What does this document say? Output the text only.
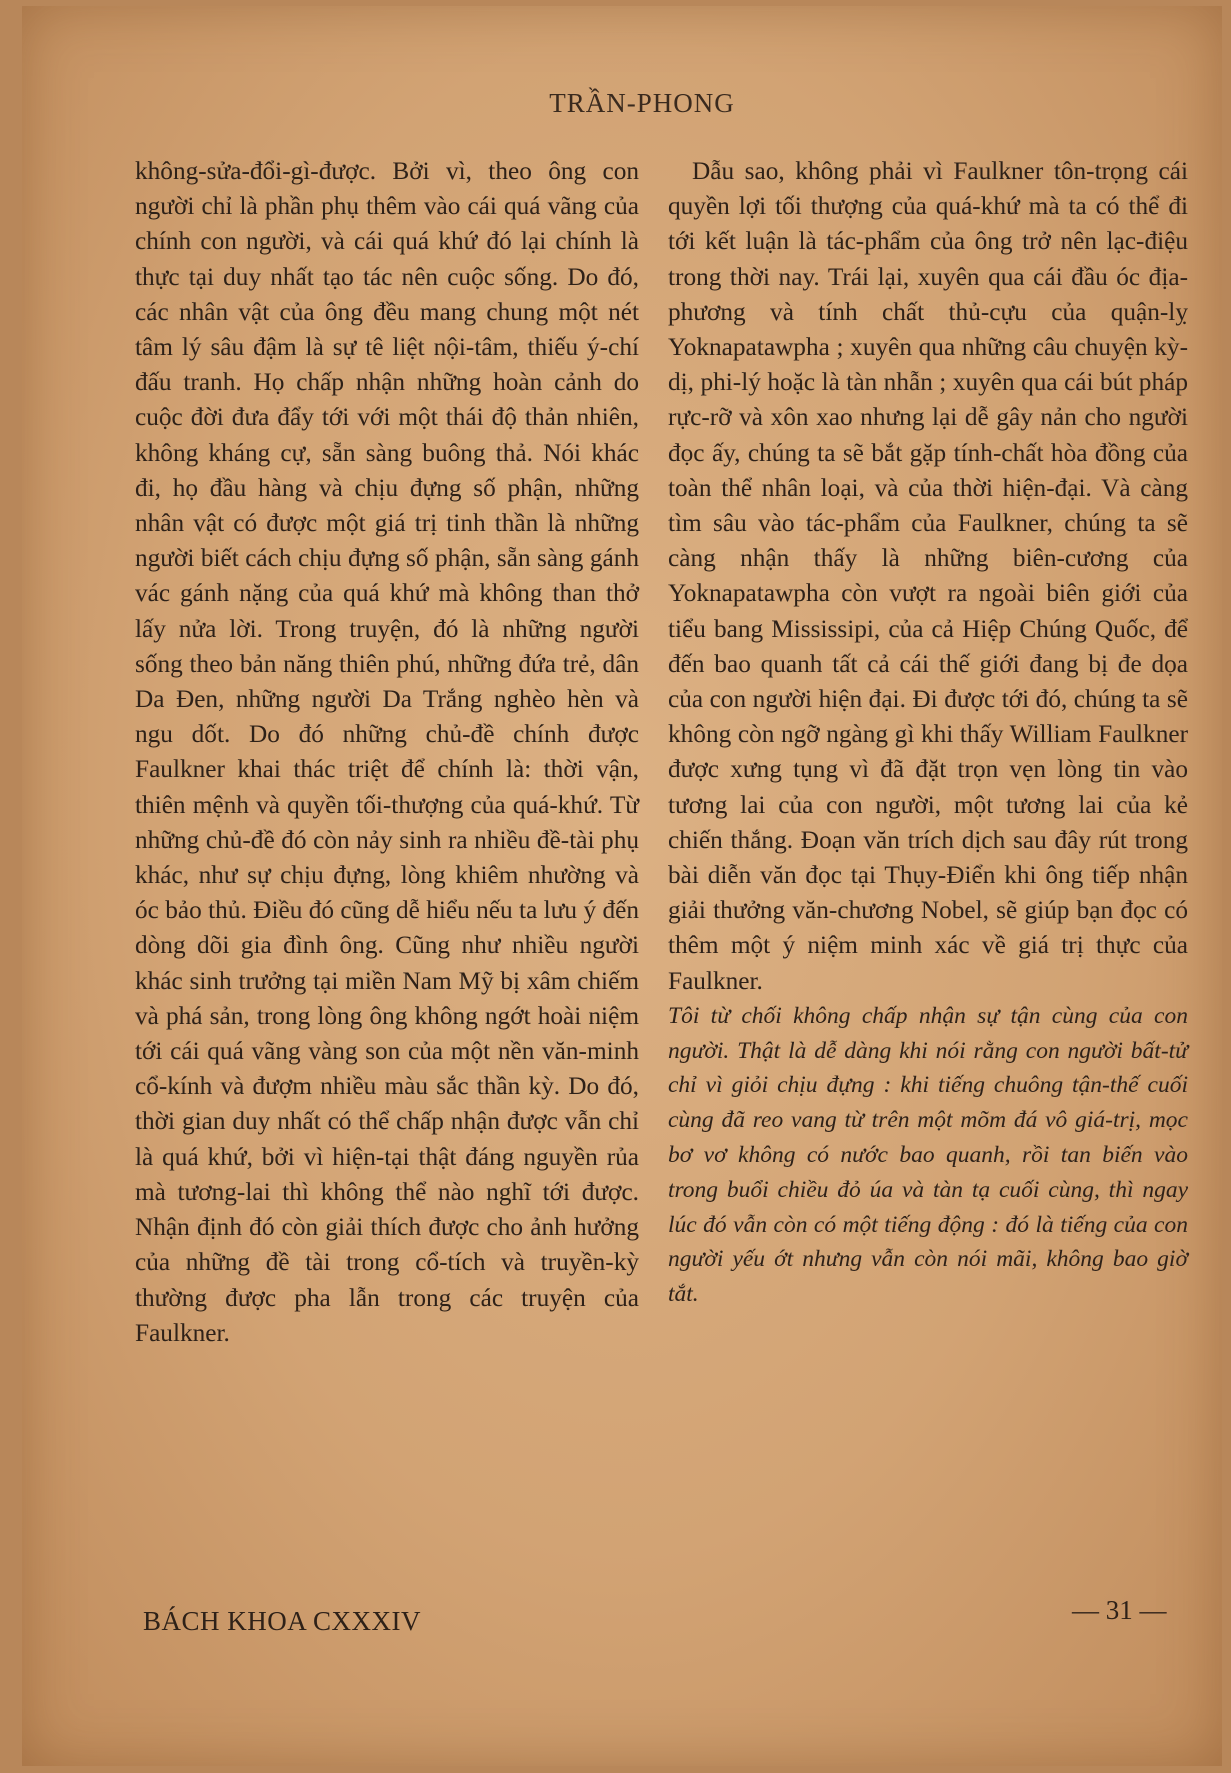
TRẦN-PHONG

không-sửa-đổi-gì-được. Bởi vì, theo ông con người chỉ là phần phụ thêm vào cái quá vãng của chính con người, và cái quá khứ đó lại chính là thực tại duy nhất tạo tác nên cuộc sống. Do đó, các nhân vật của ông đều mang chung một nét tâm lý sâu đậm là sự tê liệt nội-tâm, thiếu ý-chí đấu tranh. Họ chấp nhận những hoàn cảnh do cuộc đời đưa đẩy tới với một thái độ thản nhiên, không kháng cự, sẵn sàng buông thả. Nói khác đi, họ đầu hàng và chịu đựng số phận, những nhân vật có được một giá trị tinh thần là những người biết cách chịu đựng số phận, sẵn sàng gánh vác gánh nặng của quá khứ mà không than thở lấy nửa lời. Trong truyện, đó là những người sống theo bản năng thiên phú, những đứa trẻ, dân Da Đen, những người Da Trắng nghèo hèn và ngu dốt. Do đó những chủ-đề chính được Faulkner khai thác triệt để chính là: thời vận, thiên mệnh và quyền tối-thượng của quá-khứ. Từ những chủ-đề đó còn nảy sinh ra nhiều đề-tài phụ khác, như sự chịu đựng, lòng khiêm nhường và óc bảo thủ. Điều đó cũng dễ hiểu nếu ta lưu ý đến dòng dõi gia đình ông. Cũng như nhiều người khác sinh trưởng tại miền Nam Mỹ bị xâm chiếm và phá sản, trong lòng ông không ngớt hoài niệm tới cái quá vãng vàng son của một nền văn-minh cổ-kính và đượm nhiều màu sắc thần kỳ. Do đó, thời gian duy nhất có thể chấp nhận được vẫn chỉ là quá khứ, bởi vì hiện-tại thật đáng nguyền rủa mà tương-lai thì không thể nào nghĩ tới được. Nhận định đó còn giải thích được cho ảnh hưởng của những đề tài trong cổ-tích và truyền-kỳ thường được pha lẫn trong các truyện của Faulkner.

Dẫu sao, không phải vì Faulkner tôn-trọng cái quyền lợi tối thượng của quá-khứ mà ta có thể đi tới kết luận là tác-phẩm của ông trở nên lạc-điệu trong thời nay. Trái lại, xuyên qua cái đầu óc địa-phương và tính chất thủ-cựu của quận-lỵ Yoknapatawpha ; xuyên qua những câu chuyện kỳ-dị, phi-lý hoặc là tàn nhẫn ; xuyên qua cái bút pháp rực-rỡ và xôn xao nhưng lại dễ gây nản cho người đọc ấy, chúng ta sẽ bắt gặp tính-chất hòa đồng của toàn thể nhân loại, và của thời hiện-đại. Và càng tìm sâu vào tác-phẩm của Faulkner, chúng ta sẽ càng nhận thấy là những biên-cương của Yoknapatawpha còn vượt ra ngoài biên giới của tiểu bang Mississipi, của cả Hiệp Chúng Quốc, để đến bao quanh tất cả cái thế giới đang bị đe dọa của con người hiện đại. Đi được tới đó, chúng ta sẽ không còn ngỡ ngàng gì khi thấy William Faulkner được xưng tụng vì đã đặt trọn vẹn lòng tin vào tương lai của con người, một tương lai của kẻ chiến thắng. Đoạn văn trích dịch sau đây rút trong bài diễn văn đọc tại Thụy-Điển khi ông tiếp nhận giải thưởng văn-chương Nobel, sẽ giúp bạn đọc có thêm một ý niệm minh xác về giá trị thực của Faulkner.

Tôi từ chối không chấp nhận sự tận cùng của con người. Thật là dễ dàng khi nói rằng con người bất-tử chỉ vì giỏi chịu đựng : khi tiếng chuông tận-thế cuối cùng đã reo vang từ trên một mõm đá vô giá-trị, mọc bơ vơ không có nước bao quanh, rồi tan biến vào trong buổi chiều đỏ úa và tàn tạ cuối cùng, thì ngay lúc đó vẫn còn có một tiếng động : đó là tiếng của con người yếu ớt nhưng vẫn còn nói mãi, không bao giờ tắt.

BÁCH KHOA CXXXIV	— 31 —
